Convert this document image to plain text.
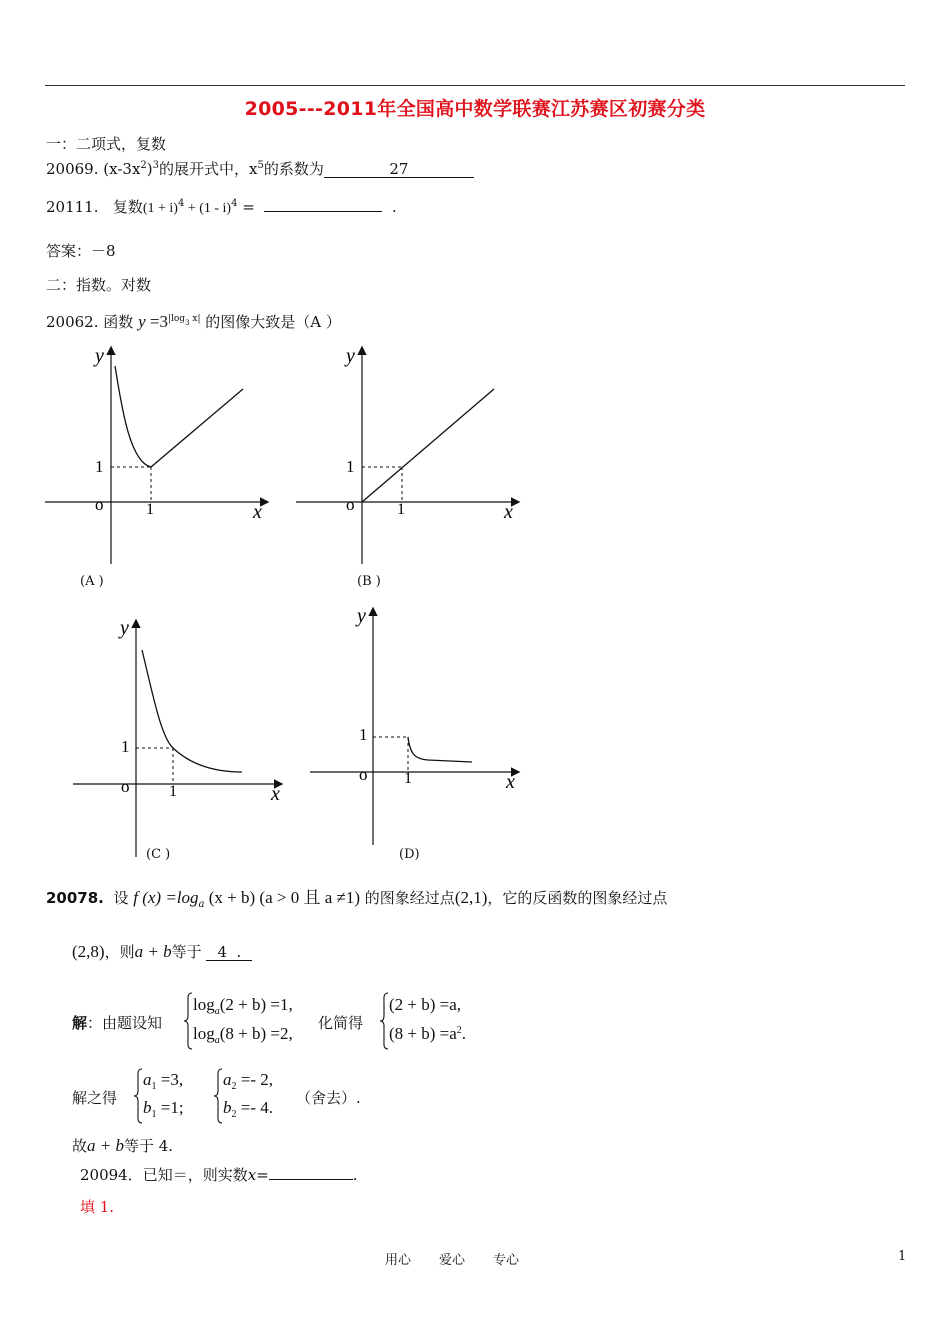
2005---2011年全国高中数学联赛江苏赛区初赛分类
一：二项式，复数
20069. $(x-3x^2)^3$的展开式中，$x^5$的系数为	27
20111. 复数$(1 + i)^4 + (1 - i)^4$ =	.
答案：－8
二：指数。对数
20062. 函数 $y =3^{|log_3 x|}$ 的图像大致是（A ）
y
x
o	1
1
(A )
y
x
o	1
1
(B )
y
x
o 1
1
(C )
y
x
o 1
1
(D)
20078. 设 f $(x) =\log_a$ (x + b) (a > 0 且 a ≠1) 的图象经过点(2,1)，它的反函数的图象经过点
(2,8)，则a + b等于 4 .
解：由题设知
$\log_a(2 + b) =1$,
$\log_a(8 + b) =2$,
化简得
(2 + b) =a,
$(8 + b) =a^2$.
解之得
$a_1 =3$,
$b_1 =1$;
$a_2 =- 2$,
$b_2 =- 4$. （舍去）.
故a + b等于 4.
20094．已知＝，则实数x=	.
填 1.
用心 爱心 专心	1
